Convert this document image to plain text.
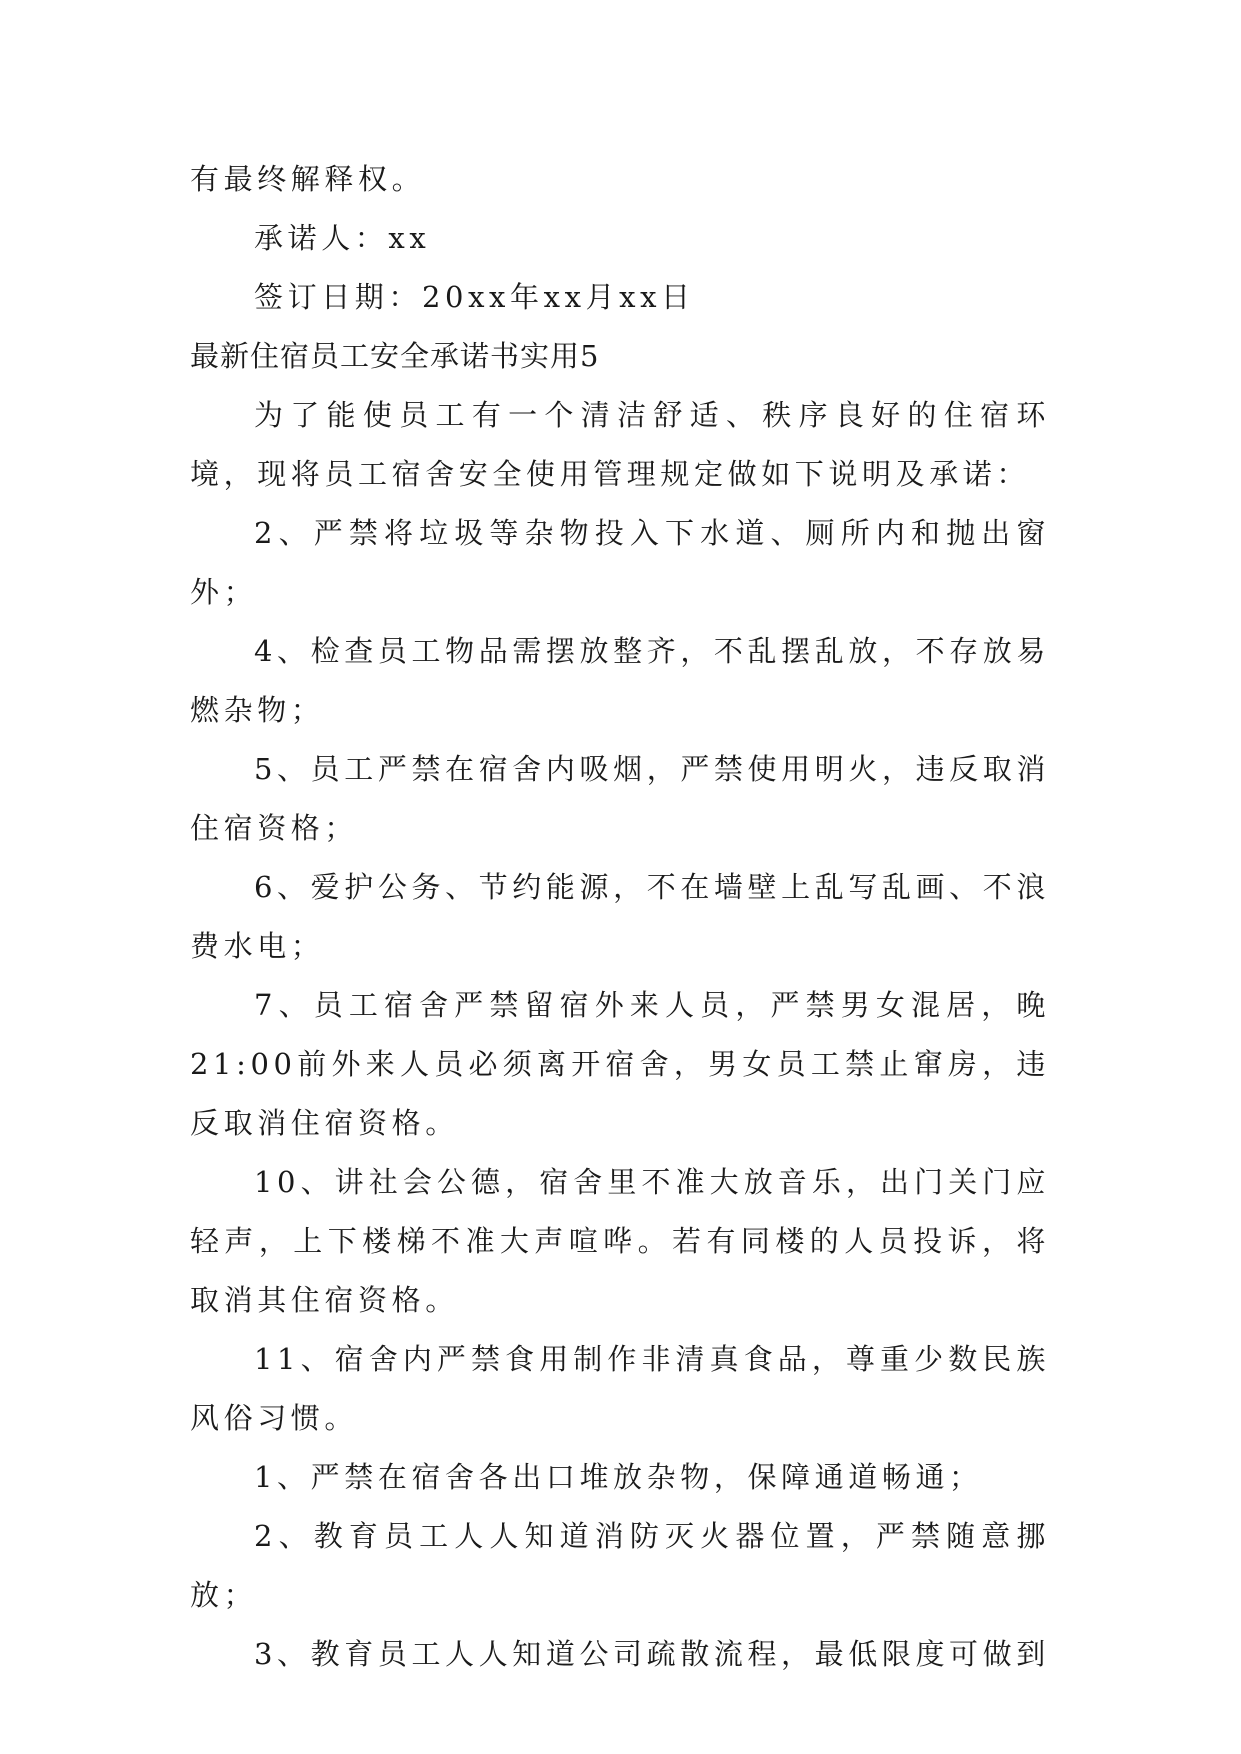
有最终解释权。

承诺人：xx

签订日期：20xx年xx月xx日

最新住宿员工安全承诺书实用5

为了能使员工有一个清洁舒适、秩序良好的住宿环境，现将员工宿舍安全使用管理规定做如下说明及承诺：

2、严禁将垃圾等杂物投入下水道、厕所内和抛出窗外；

4、检查员工物品需摆放整齐，不乱摆乱放，不存放易燃杂物；

5、员工严禁在宿舍内吸烟，严禁使用明火，违反取消住宿资格；

6、爱护公务、节约能源，不在墙壁上乱写乱画、不浪费水电；

7、员工宿舍严禁留宿外来人员，严禁男女混居，晚21:00前外来人员必须离开宿舍，男女员工禁止窜房，违反取消住宿资格。

10、讲社会公德，宿舍里不准大放音乐，出门关门应轻声，上下楼梯不准大声喧哗。若有同楼的人员投诉，将取消其住宿资格。

11、宿舍内严禁食用制作非清真食品，尊重少数民族风俗习惯。

1、严禁在宿舍各出口堆放杂物，保障通道畅通；

2、教育员工人人知道消防灭火器位置，严禁随意挪放；

3、教育员工人人知道公司疏散流程，最低限度可做到
